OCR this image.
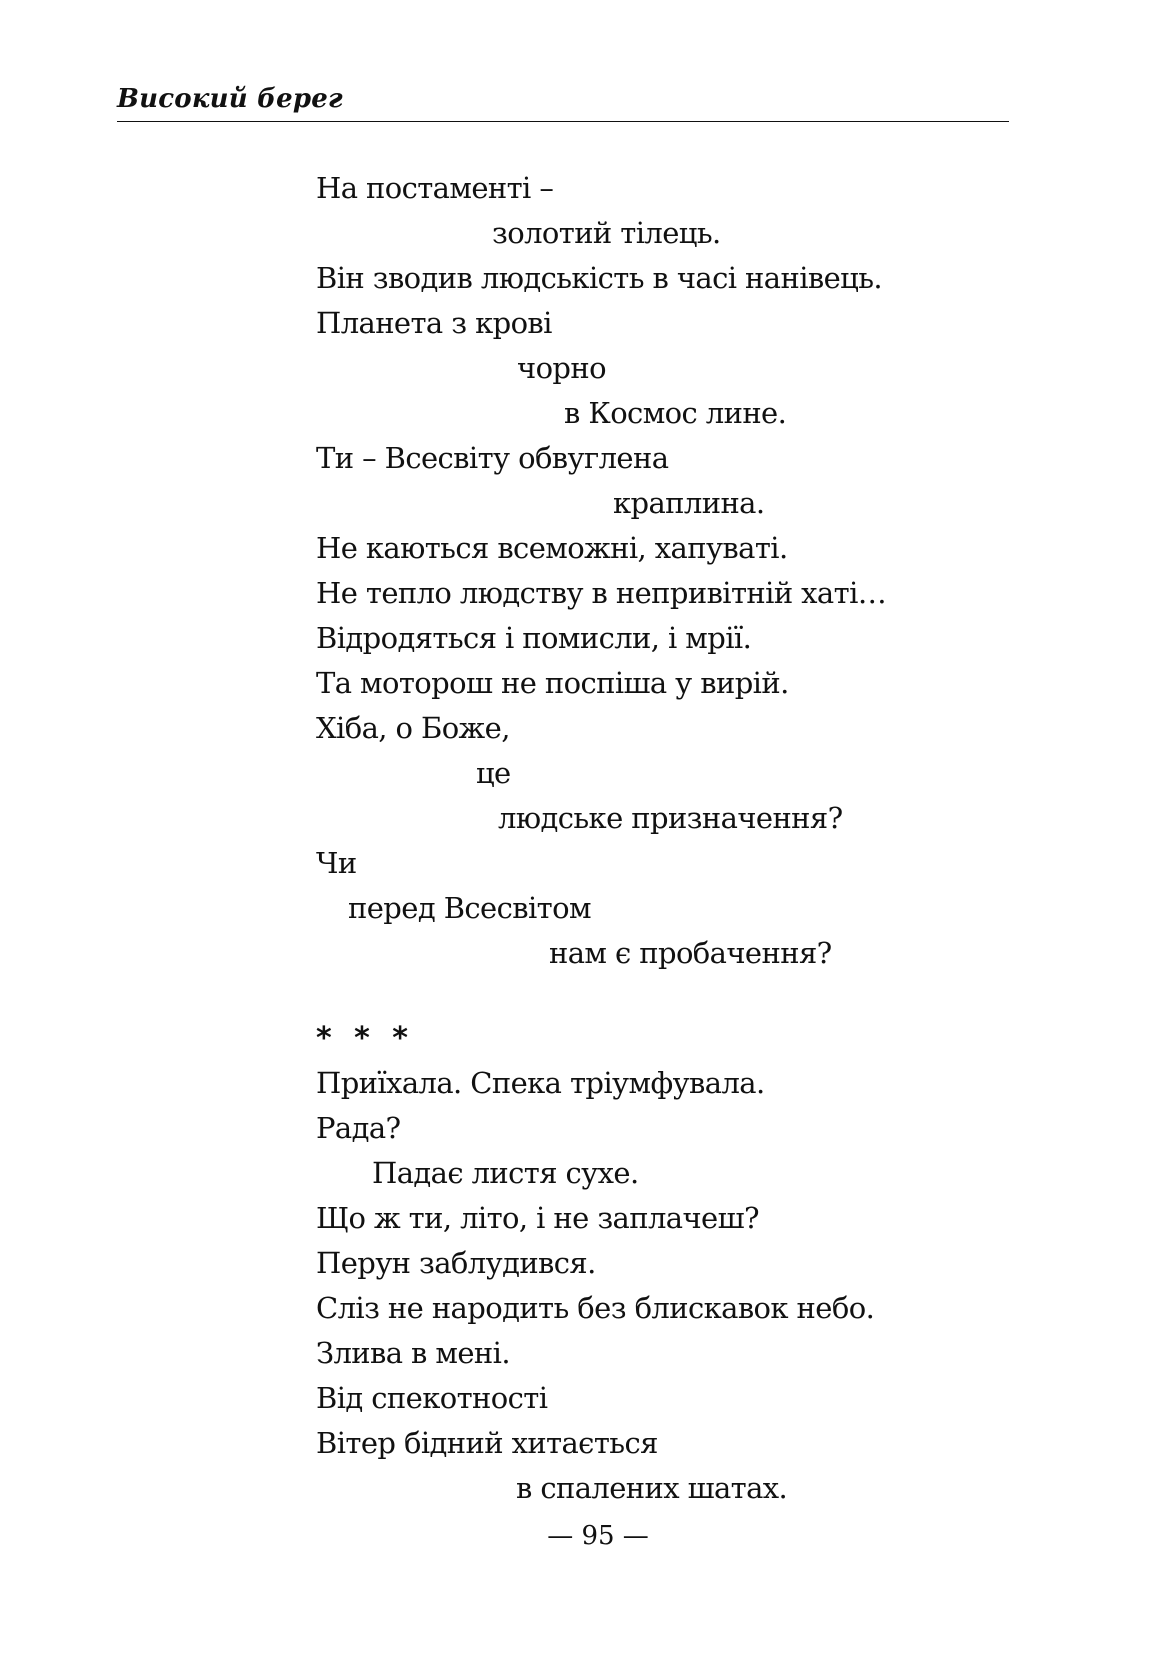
Високий берег
На постаменті –
золотий тілець.
Він зводив людськість в часі нанівець.
Планета з крові
чорно
в Космос лине.
Ти – Всесвіту обвуглена
краплина.
Не каються всеможні, хапуваті.
Не тепло людству в непривітній хаті…
Відродяться і помисли, і мрії.
Та моторош не поспіша у вирій.
Хіба, о Боже,
це
людське призначення?
Чи
перед Всесвітом
нам є пробачення?
* * *
Приїхала. Спека тріумфувала.
Рада?
Падає листя сухе.
Що ж ти, літо, і не заплачеш?
Перун заблудився.
Сліз не народить без блискавок небо.
Злива в мені.
Від спекотності
Вітер бідний хитається
в спалених шатах.
— 95 —
